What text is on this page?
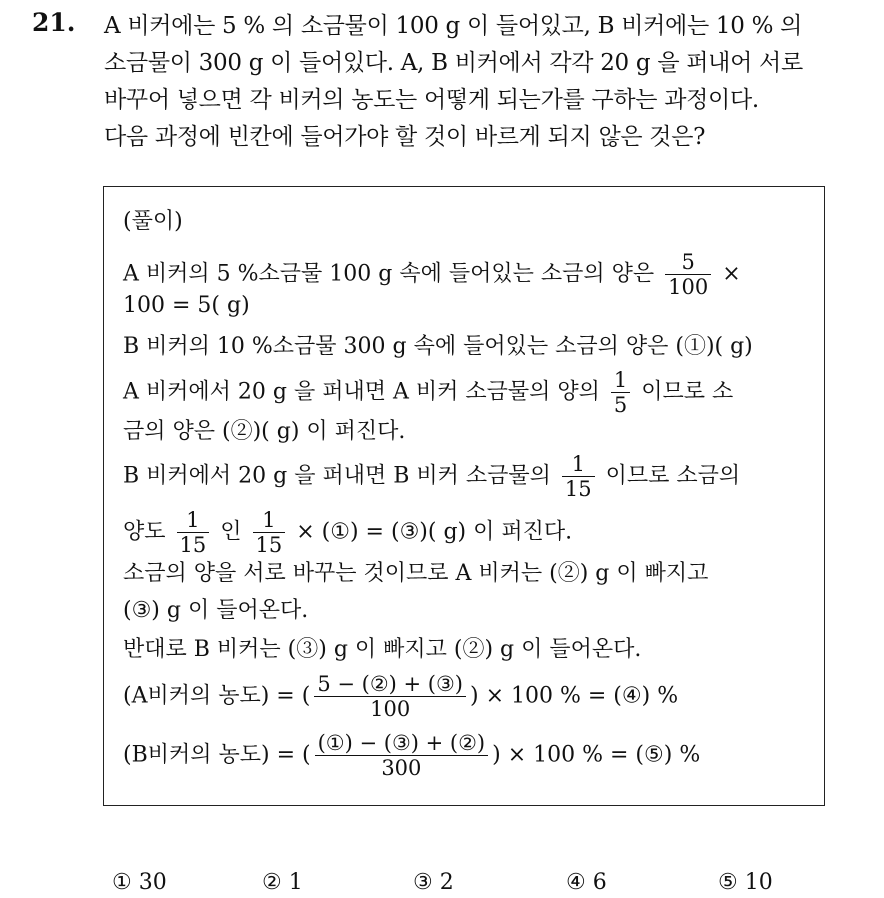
21. A 비커에는 5 % 의 소금물이 100 g 이 들어있고, B 비커에는 10 % 의
소금물이 300 g 이 들어있다. A, B 비커에서 각각 20 g 을 퍼내어 서로
바꾸어 넣으면 각 비커의 농도는 어떻게 되는가를 구하는 과정이다.
다음 과정에 빈칸에 들어가야 할 것이 바르게 되지 않은 것은?
(풀이)
A 비커의 5 %소금물 100 g 속에 들어있는 소금의 양은 $\frac{5}{100}$ ×
100 = 5( g)
B 비커의 10 %소금물 300 g 속에 들어있는 소금의 양은 (①)( g)
A 비커에서 20 g 을 퍼내면 A 비커 소금물의 양의 $\frac{1}{5}$ 이므로 소
금의 양은 (②)( g) 이 퍼진다.
B 비커에서 20 g 을 퍼내면 B 비커 소금물의 $\frac{1}{15}$ 이므로 소금의
양도 $\frac{1}{15}$ 인 $\frac{1}{15}$ × (①) = (③)( g) 이 퍼진다.
소금의 양을 서로 바꾸는 것이므로 A 비커는 (②) g 이 빠지고
(③) g 이 들어온다.
반대로 B 비커는 (③) g 이 빠지고 (②) g 이 들어온다.
(A비커의 농도) = ( $\frac{\text{5 − (②) + (③)}}{100}$ ) × 100 % = (④) %
(B비커의 농도) = ( $\frac{\text{(①) − (③) + (②)}}{300}$ ) × 100 % = (⑤) %
① 30	② 1	③ 2	④ 6	⑤ 10
